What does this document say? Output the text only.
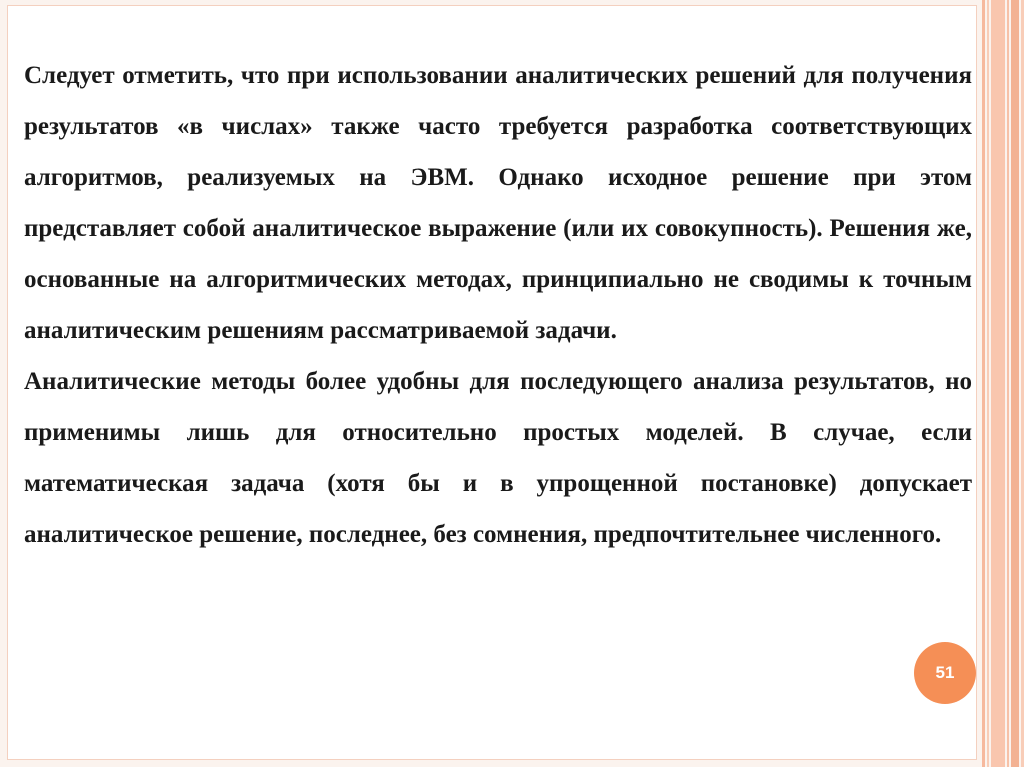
Следует отметить, что при использовании аналитических решений для получения результатов «в числах» также часто требуется разработка соответствующих алгоритмов, реализуемых на ЭВМ. Однако исходное решение при этом представляет собой аналитическое выражение (или их совокупность). Решения же, основанные на алгоритмических методах, принципиально не сводимы к точным аналитическим решениям рассматриваемой задачи.

Аналитические методы более удобны для последующего анализа результатов, но применимы лишь для относительно простых моделей. В случае, если математическая задача (хотя бы и в упрощенной постановке) допускает аналитическое решение, последнее, без сомнения, предпочтительнее численного.

51
